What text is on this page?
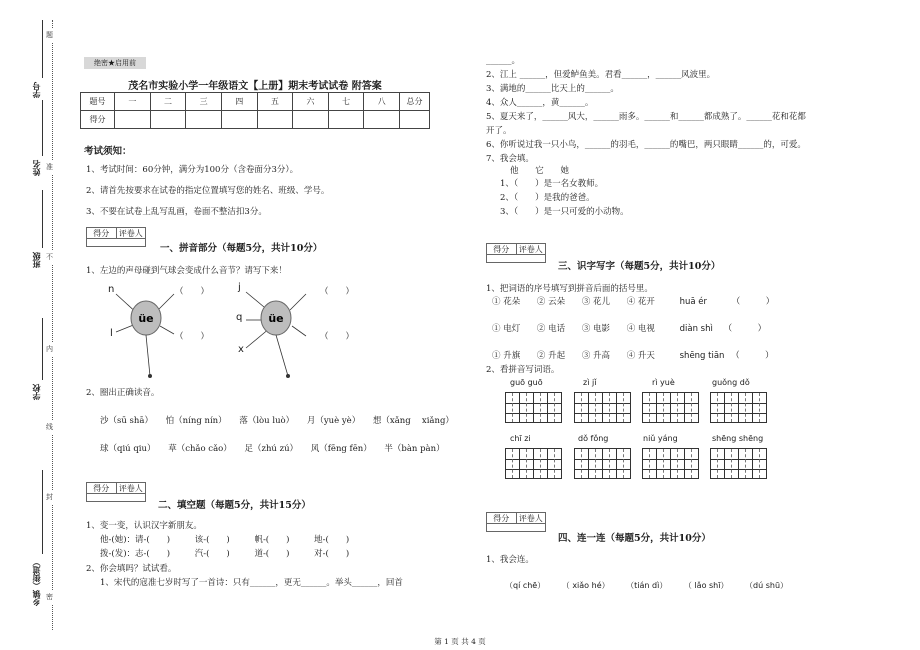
学号
姓名
班级
学校
乡镇（街道）
题
准
不
内
线
封
密
绝密★启用前
茂名市实验小学一年级语文【上册】期末考试试卷 附答案
题号	一	二	三	四	五	六	七	八	总分
得分									
考试须知：
1、考试时间：60分钟，满分为100分（含卷面分3分）。
2、请首先按要求在试卷的指定位置填写您的姓名、班级、学号。
3、不要在试卷上乱写乱画，卷面不整洁扣3分。
得分	评卷人
一、拼音部分（每题5分，共计10分）
1、左边的声母碰到气球会变成什么音节？请写下来！
üe
n
l
（　　）
（　　）
üe
j
q
x
（　　）
（　　）
2、圈出正确读音。
沙（sū shā） 怕（níng nín） 落（lòu luò） 月（yuè yè） 想（xǎng　 xiǎng）
球（qiú qiu） 草（chǎo cǎo） 足（zhú zú） 风（fēng fēn） 半（bàn pàn）
得分	评卷人
二、填空题（每题5分，共计15分）
1、变一变，认识汉字新朋友。
他-(她)：请-(　　)	该-(　　)	帆-(　　)	地-(　　)
拨-(发)：志-(　　)	汽-(　　)	道-(　　)	对-(　　)
2、你会填吗？试试看。
1、宋代的寇准七岁时写了一首诗：只有______，更无______。举头______，回首
______。
2、江上 ______，但爱鲈鱼美。君看______，______风波里。
3、满地的______比天上的______。
4、众人______，黄______。
5、夏天来了，______风大，______雨多。______和______都成熟了。______花和花都
开了。
6、你听说过我一只小鸟，______的羽毛，______的嘴巴，两只眼睛______的，可爱。
7、我会填。
他 它 她
1、（　　）是一名女教师。
2、（　　）是我的爸爸。
3、（　　）是一只可爱的小动物。
得分	评卷人
三、识字写字（每题5分，共计10分）
1、把词语的序号填写到拼音后面的括号里。
① 花朵 ② 云朵 ③ 花儿 ④ 花开	huā ér	（　　　）
① 电灯 ② 电话 ③ 电影 ④ 电视	diàn shì （　　　）
① 升旗 ② 升起 ③ 升高 ④ 升天	shēng tiān （　　　）
2、看拼音写词语。
guō guō	zì jǐ	rì yuè	guǒng dǒ
chī zi	dǒ fǒng	niǔ yáng	shēng shēng
得分	评卷人
四、连一连（每题5分，共计10分）
1、我会连。
（qí chē） （ xiǎo hé） （tián dì） （ lǎo shī） （dú shū）
第 1 页 共 4 页
